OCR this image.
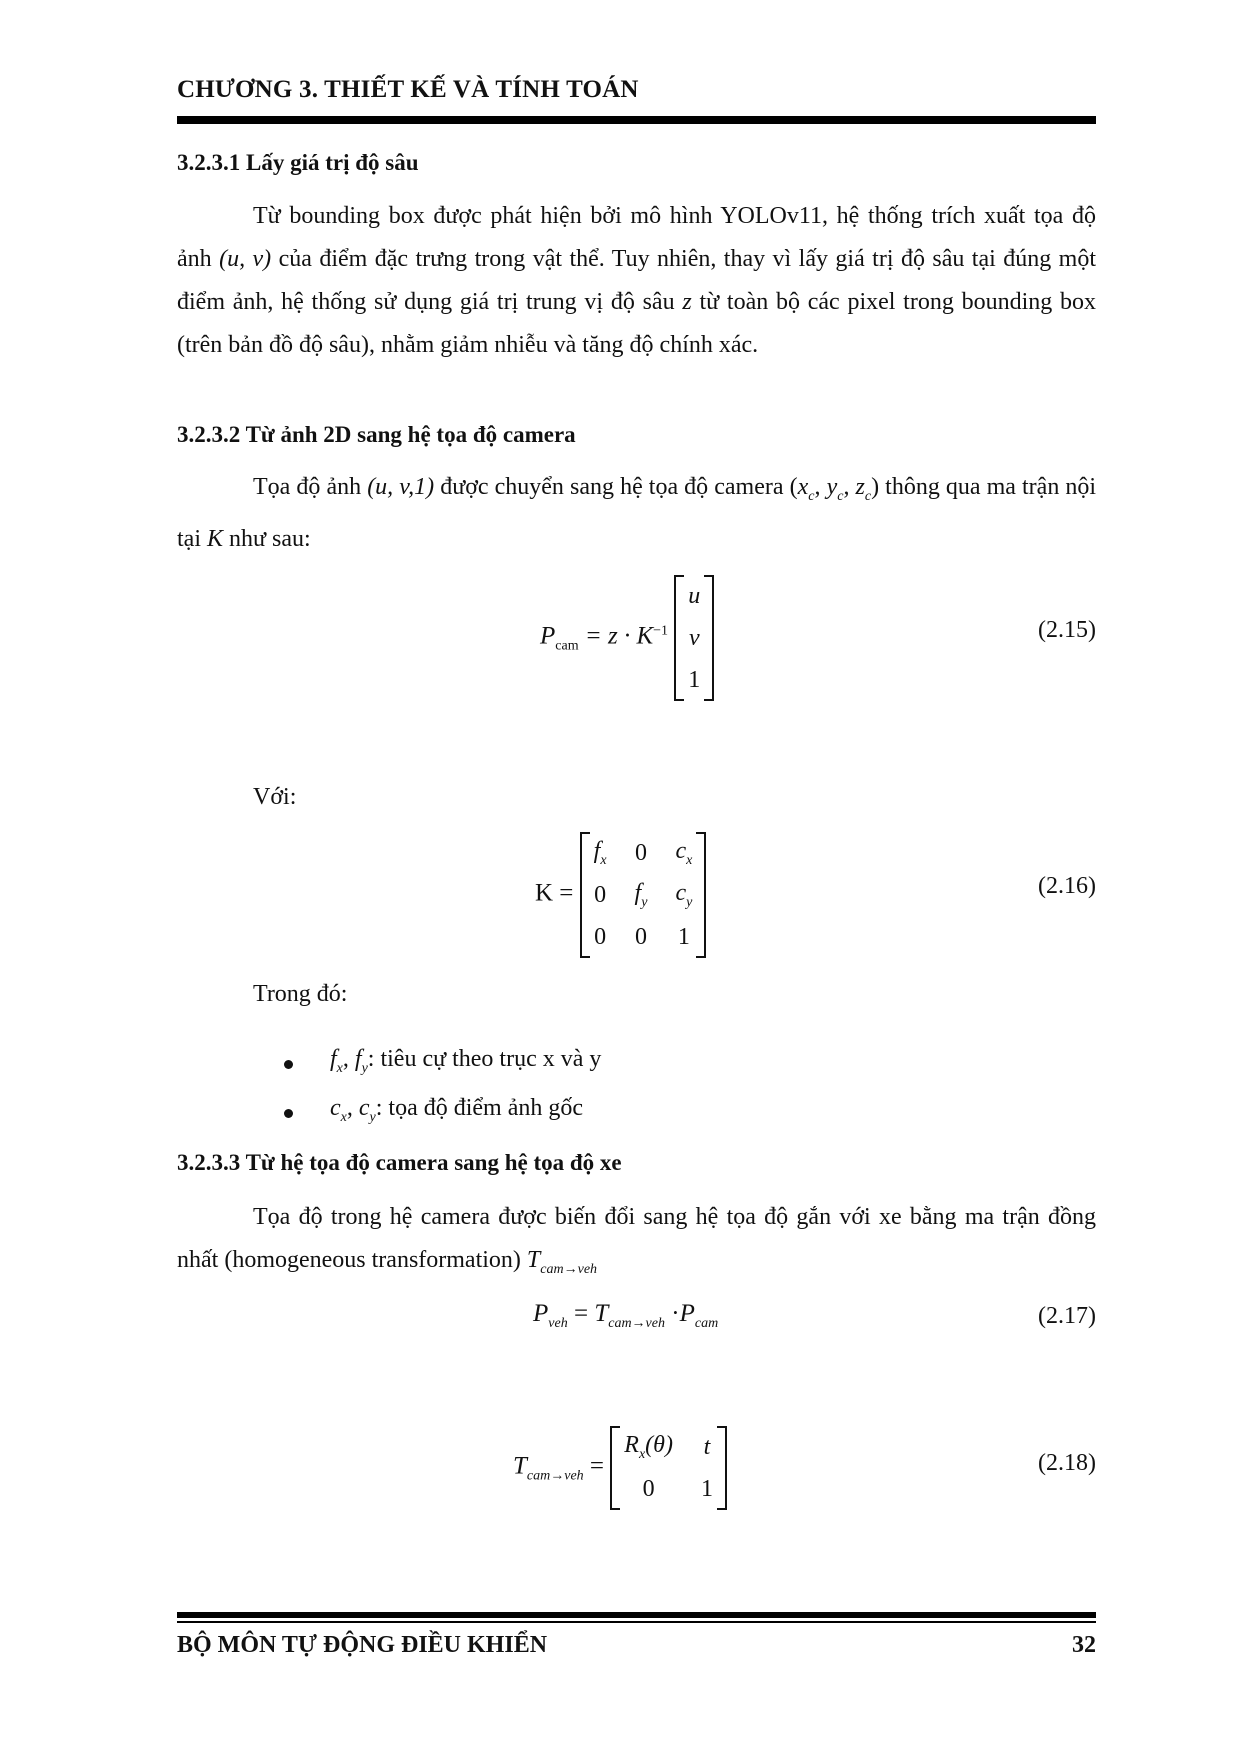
CHƯƠNG 3. THIẾT KẾ VÀ TÍNH TOÁN
3.2.3.1 Lấy giá trị độ sâu
Từ bounding box được phát hiện bởi mô hình YOLOv11, hệ thống trích xuất tọa độ ảnh (u, v) của điểm đặc trưng trong vật thể. Tuy nhiên, thay vì lấy giá trị độ sâu tại đúng một điểm ảnh, hệ thống sử dụng giá trị trung vị độ sâu z từ toàn bộ các pixel trong bounding box (trên bản đồ độ sâu), nhằm giảm nhiễu và tăng độ chính xác.
3.2.3.2 Từ ảnh 2D sang hệ tọa độ camera
Tọa độ ảnh (u, v,1) được chuyển sang hệ tọa độ camera ($x_c$, $y_c$, $z_c$) thông qua ma trận nội tại K như sau:
$P_{cam} = z \cdot K^{-1}$
u
v
1
(2.15)
Với:
K =
$f_x$	0	$c_x$
0	$f_y$	$c_y$
0	0	1
(2.16)
Trong đó:
$f_x$, $f_y$: tiêu cự theo trục x và y
$c_x$, $c_y$: tọa độ điểm ảnh gốc
3.2.3.3 Từ hệ tọa độ camera sang hệ tọa độ xe
Tọa độ trong hệ camera được biến đổi sang hệ tọa độ gắn với xe bằng ma trận đồng nhất (homogeneous transformation) $T_{cam\to veh}$
$P_{veh} = T_{cam\to veh} \cdot P_{cam}$	(2.17)
$T_{cam\to veh}$ =
$R_x(\theta)$	t
0	1
(2.18)
BỘ MÔN TỰ ĐỘNG ĐIỀU KHIỂN	32
